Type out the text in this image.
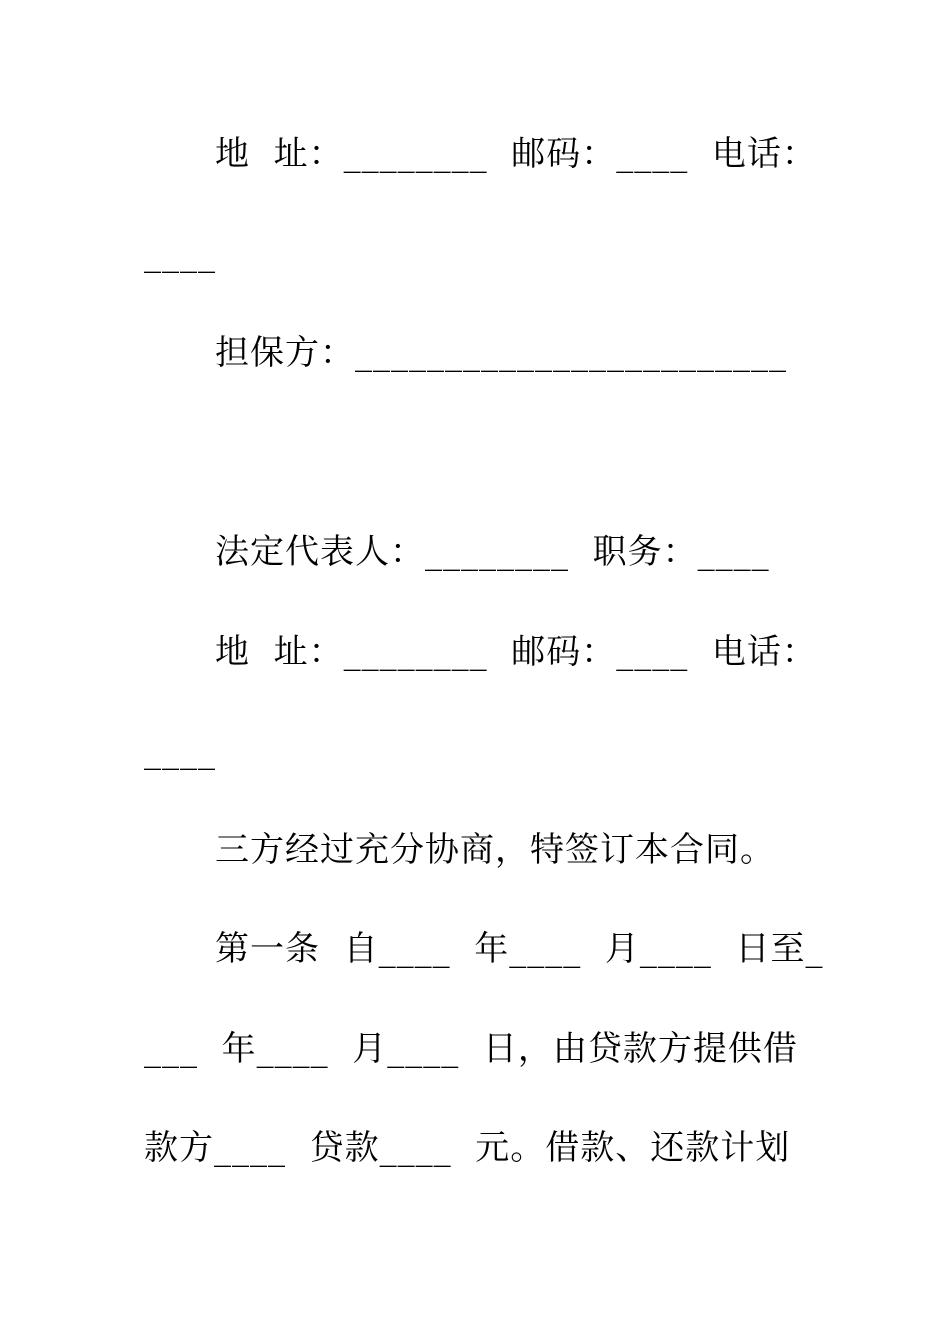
地  址：________  邮码：____  电话：
____
担保方：________________________
法定代表人：________  职务：____
地  址：________  邮码：____  电话：
____
三方经过充分协商，特签订本合同。
第一条  自____  年____  月____  日至_
___  年____  月____  日，由贷款方提供借
款方____  贷款____  元。借款、还款计划
